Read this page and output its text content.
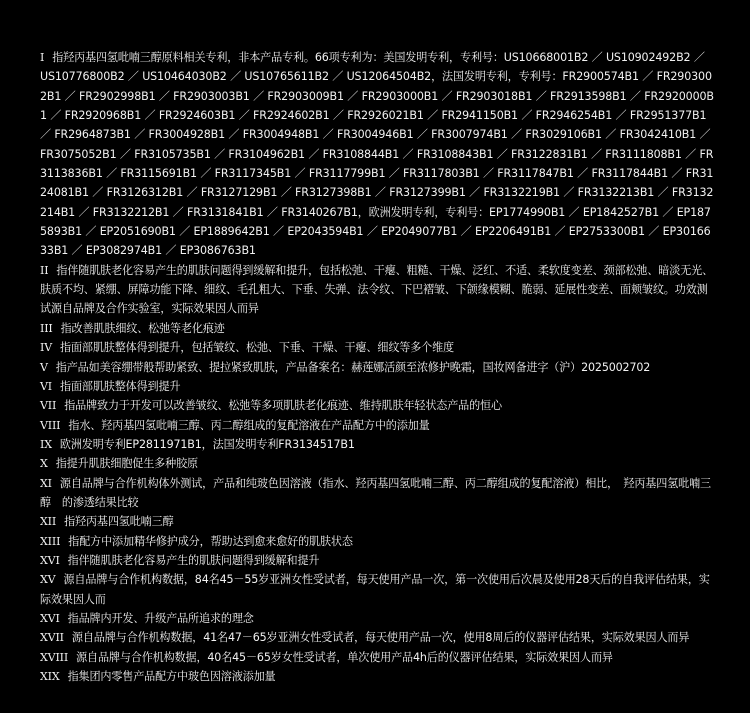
I 指羟丙基四氢吡喃三醇原料相关专利，非本产品专利。66项专利为：美国发明专利，专利号：US10668001B2 ／ US10902492B2 ／ US10776800B2 ／ US10464030B2 ／ US10765611B2 ／ US12064504B2，法国发明专利，专利号：FR2900574B1 ／ FR2903002B1 ／ FR2902998B1 ／ FR2903003B1 ／ FR2903009B1 ／ FR2903000B1 ／ FR2903018B1 ／ FR2913598B1 ／ FR2920000B1 ／ FR2920968B1 ／ FR2924603B1 ／ FR2924602B1 ／ FR2926021B1 ／ FR2941150B1 ／ FR2946254B1 ／ FR2951377B1 ／ FR2964873B1 ／ FR3004928B1 ／ FR3004948B1 ／ FR3004946B1 ／ FR3007974B1 ／ FR3029106B1 ／ FR3042410B1 ／ FR3075052B1 ／ FR3105735B1 ／ FR3104962B1 ／ FR3108844B1 ／ FR3108843B1 ／ FR3122831B1 ／ FR3111808B1 ／ FR3113836B1 ／ FR3115691B1 ／ FR3117345B1 ／ FR3117799B1 ／ FR3117803B1 ／ FR3117847B1 ／ FR3117844B1 ／ FR3124081B1 ／ FR3126312B1 ／ FR3127129B1 ／ FR3127398B1 ／ FR3127399B1 ／ FR3132219B1 ／ FR3132213B1 ／ FR3132214B1 ／ FR3132212B1 ／ FR3131841B1 ／ FR3140267B1，欧洲发明专利，专利号：EP1774990B1 ／ EP1842527B1 ／ EP1875893B1 ／ EP2051690B1 ／ EP1889642B1 ／ EP2043594B1 ／ EP2049077B1 ／ EP2206491B1 ／ EP2753300B1 ／ EP3016633B1 ／ EP3082974B1 ／ EP3086763B1

II 指伴随肌肤老化容易产生的肌肤问题得到缓解和提升，包括松弛、干瘪、粗糙、干燥、泛红、不适、柔软度变差、颈部松弛、暗淡无光、肤质不均、紧绷、屏障功能下降、细纹、毛孔粗大、下垂、失弹、法令纹、下巴褶皱、下颌缘模糊、脆弱、延展性变差、面颊皱纹。功效测试源自品牌及合作实验室，实际效果因人而异

III 指改善肌肤细纹、松弛等老化痕迹

IV 指面部肌肤整体得到提升，包括皱纹、松弛、下垂、干燥、干瘪、细纹等多个维度

V 指产品如美容绷带般帮助紧致、提拉紧致肌肤，产品备案名：赫莲娜活颜至浓修护晚霜，国妆网备进字（沪）2025002702

VI 指面部肌肤整体得到提升

VII 指品牌致力于开发可以改善皱纹、松弛等多项肌肤老化痕迹、维持肌肤年轻状态产品的恒心

VIII 指水、羟丙基四氢吡喃三醇、丙二醇组成的复配溶液在产品配方中的添加量

IX 欧洲发明专利EP2811971B1，法国发明专利FR3134517B1

X 指提升肌肤细胞促生多种胶原

XI 源自品牌与合作机构体外测试，产品和纯玻色因溶液（指水、羟丙基四氢吡喃三醇、丙二醇组成的复配溶液）相比，　羟丙基四氢吡喃三醇　的渗透结果比较

XII 指羟丙基四氢吡喃三醇

XIII 指配方中添加精华修护成分，帮助达到愈来愈好的肌肤状态

XVI 指伴随肌肤老化容易产生的肌肤问题得到缓解和提升

XV 源自品牌与合作机构数据，84名45－55岁亚洲女性受试者，每天使用产品一次，第一次使用后次晨及使用28天后的自我评估结果，实际效果因人而

XVI 指品牌内开发、升级产品所追求的理念

XVII 源自品牌与合作机构数据，41名47－65岁亚洲女性受试者，每天使用产品一次，使用8周后的仪器评估结果，实际效果因人而异

XVIII 源自品牌与合作机构数据，40名45－65岁女性受试者，单次使用产品4h后的仪器评估结果，实际效果因人而异

XIX 指集团内零售产品配方中玻色因溶液添加量
